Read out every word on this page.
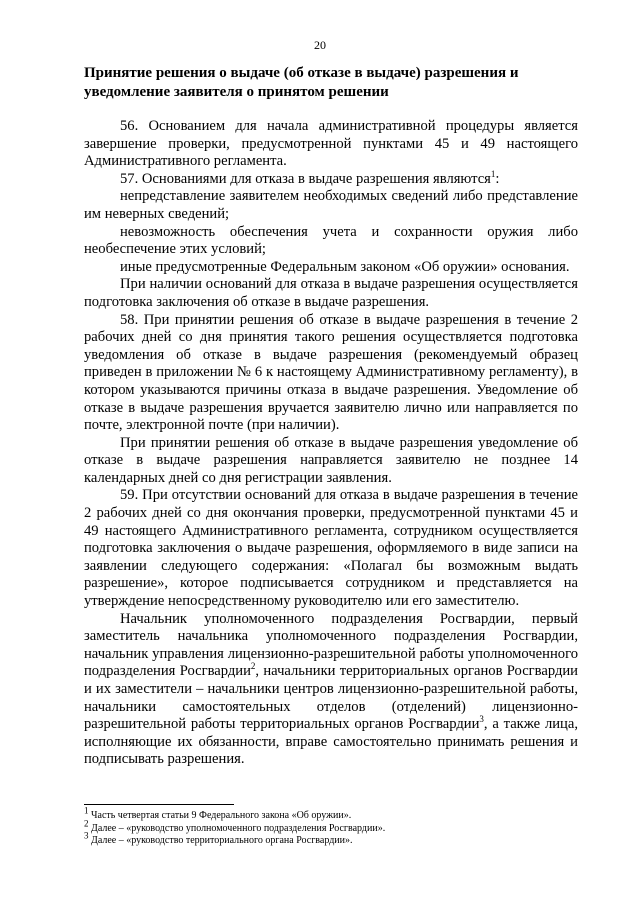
20
Принятие решения о выдаче (об отказе в выдаче) разрешения и уведомление заявителя о принятом решении

56. Основанием для начала административной процедуры является завершение проверки, предусмотренной пунктами 45 и 49 настоящего Административного регламента.

57. Основаниями для отказа в выдаче разрешения являются$^1$:

непредставление заявителем необходимых сведений либо представление им неверных сведений;

невозможность обеспечения учета и сохранности оружия либо необеспечение этих условий;

иные предусмотренные Федеральным законом «Об оружии» основания.

При наличии оснований для отказа в выдаче разрешения осуществляется подготовка заключения об отказе в выдаче разрешения.

58. При принятии решения об отказе в выдаче разрешения в течение 2 рабочих дней со дня принятия такого решения осуществляется подготовка уведомления об отказе в выдаче разрешения (рекомендуемый образец приведен в приложении № 6 к настоящему Административному регламенту), в котором указываются причины отказа в выдаче разрешения. Уведомление об отказе в выдаче разрешения вручается заявителю лично или направляется по почте, электронной почте (при наличии).

При принятии решения об отказе в выдаче разрешения уведомление об отказе в выдаче разрешения направляется заявителю не позднее 14 календарных дней со дня регистрации заявления.

59. При отсутствии оснований для отказа в выдаче разрешения в течение 2 рабочих дней со дня окончания проверки, предусмотренной пунктами 45 и 49 настоящего Административного регламента, сотрудником осуществляется подготовка заключения о выдаче разрешения, оформляемого в виде записи на заявлении следующего содержания: «Полагал бы возможным выдать разрешение», которое подписывается сотрудником и представляется на утверждение непосредственному руководителю или его заместителю.

Начальник уполномоченного подразделения Росгвардии, первый заместитель начальника уполномоченного подразделения Росгвардии, начальник управления лицензионно-разрешительной работы уполномоченного подразделения Росгвардии$^2$, начальники территориальных органов Росгвардии и их заместители – начальники центров лицензионно-разрешительной работы, начальники самостоятельных отделов (отделений) лицензионно-разрешительной работы территориальных органов Росгвардии$^3$, а также лица, исполняющие их обязанности, вправе самостоятельно принимать решения и подписывать разрешения.

$^1$ Часть четвертая статьи 9 Федерального закона «Об оружии».
$^2$ Далее – «руководство уполномоченного подразделения Росгвардии».
$^3$ Далее – «руководство территориального органа Росгвардии».
